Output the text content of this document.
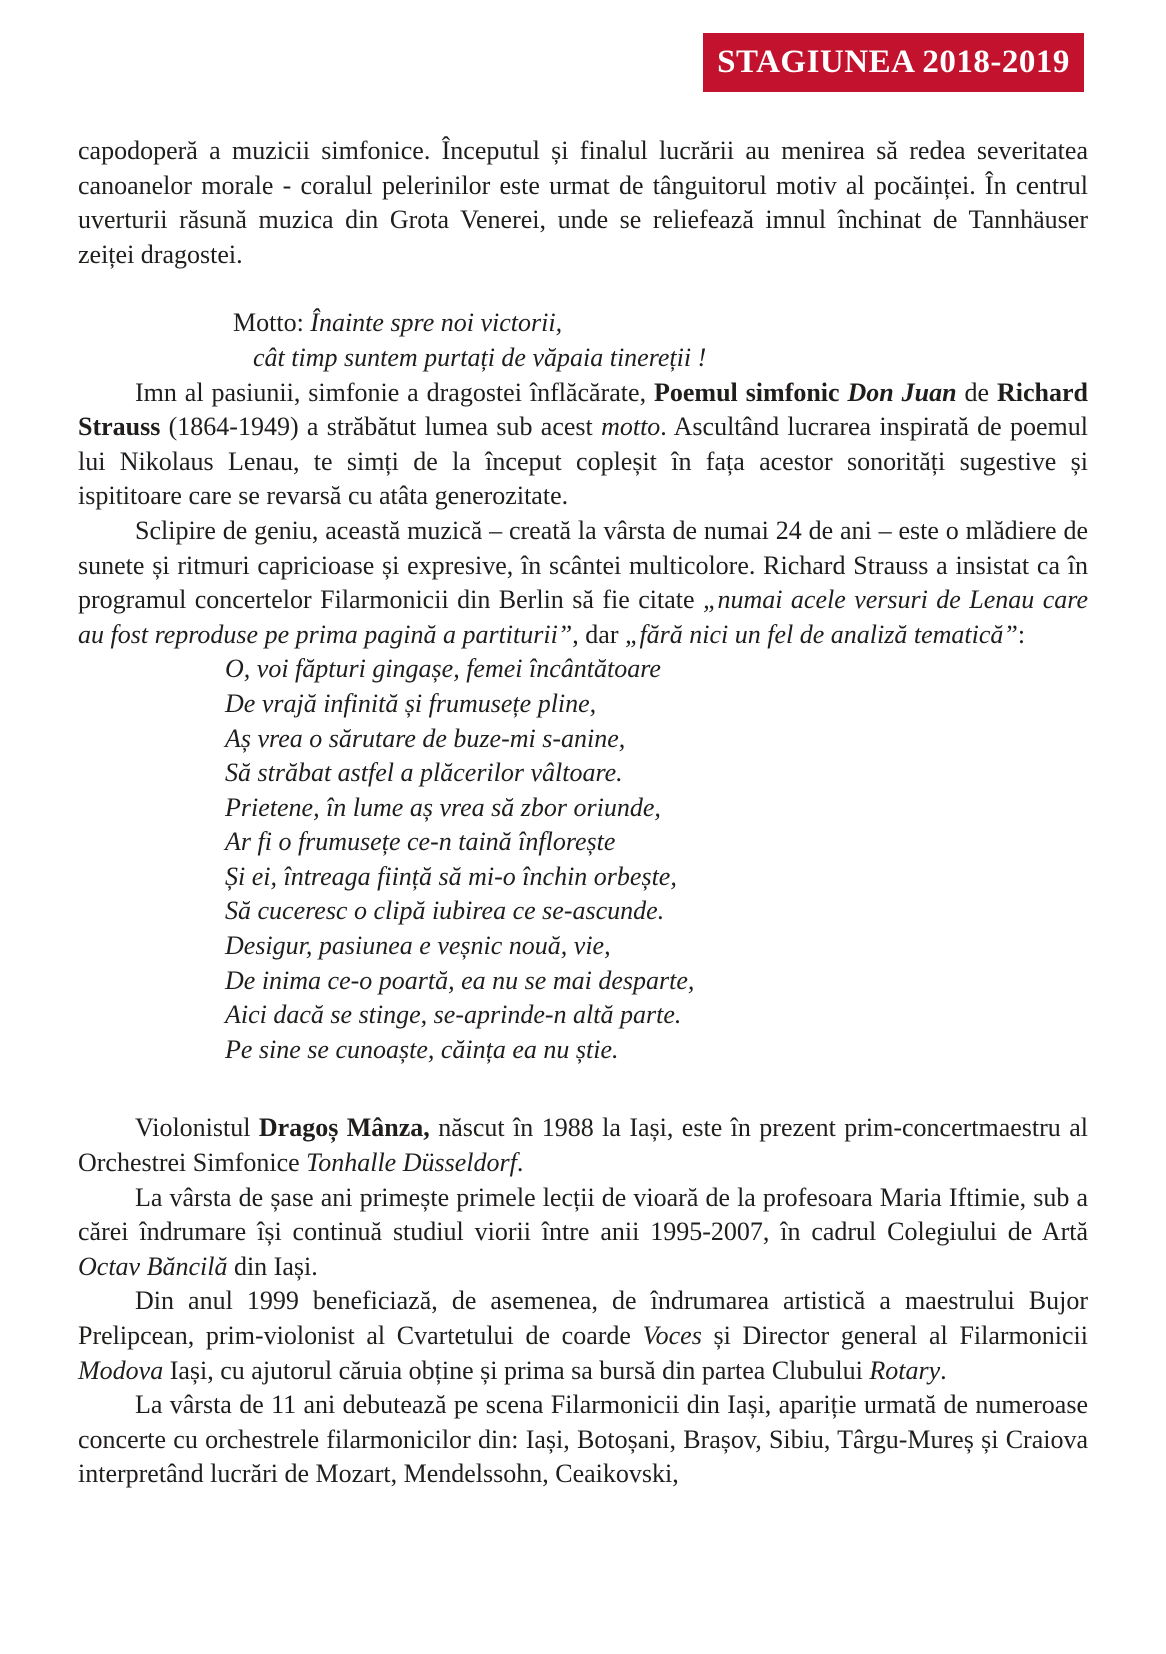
STAGIUNEA 2018-2019
capodoperă a muzicii simfonice. Începutul și finalul lucrării au menirea să redea severitatea canoanelor morale - coralul pelerinilor este urmat de tânguitorul motiv al pocăinței. În centrul uverturii răsună muzica din Grota Venerei, unde se reliefează imnul închinat de Tannhäuser zeiței dragostei.
Motto: Înainte spre noi victorii,
cât timp suntem purtați de văpaia tinereții !
Imn al pasiunii, simfonie a dragostei înflăcărate, Poemul simfonic Don Juan de Richard Strauss (1864-1949) a străbătut lumea sub acest motto. Ascultând lucrarea inspirată de poemul lui Nikolaus Lenau, te simți de la început copleșit în fața acestor sonorități sugestive și ispititoare care se revarsă cu atâta generozitate.
Sclipire de geniu, această muzică – creată la vârsta de numai 24 de ani – este o mlădiere de sunete și ritmuri capricioase și expresive, în scântei multicolore. Richard Strauss a insistat ca în programul concertelor Filarmonicii din Berlin să fie citate „numai acele versuri de Lenau care au fost reproduse pe prima pagină a partiturii”, dar „fără nici un fel de analiză tematică”:
O, voi făpturi gingașe, femei încântătoare
De vrajă infinită și frumusețe pline,
Aș vrea o sărutare de buze-mi s-anine,
Să străbat astfel a plăcerilor vâltoare.
Prietene, în lume aș vrea să zbor oriunde,
Ar fi o frumusețe ce-n taină înflorește
Și ei, întreaga ființă să mi-o închin orbește,
Să cuceresc o clipă iubirea ce se-ascunde.
Desigur, pasiunea e veșnic nouă, vie,
De inima ce-o poartă, ea nu se mai desparte,
Aici dacă se stinge, se-aprinde-n altă parte.
Pe sine se cunoaște, căința ea nu știe.
Violonistul Dragoș Mânza, născut în 1988 la Iași, este în prezent prim-concertmaestru al Orchestrei Simfonice Tonhalle Düsseldorf.
La vârsta de șase ani primește primele lecții de vioară de la profesoara Maria Iftimie, sub a cărei îndrumare își continuă studiul viorii între anii 1995-2007, în cadrul Colegiului de Artă Octav Băncilă din Iași.
Din anul 1999 beneficiază, de asemenea, de îndrumarea artistică a maestrului Bujor Prelipcean, prim-violonist al Cvartetului de coarde Voces și Director general al Filarmonicii Modova Iași, cu ajutorul căruia obține și prima sa bursă din partea Clubului Rotary.
La vârsta de 11 ani debutează pe scena Filarmonicii din Iași, apariție urmată de numeroase concerte cu orchestrele filarmonicilor din: Iași, Botoșani, Brașov, Sibiu, Târgu-Mureș și Craiova interpretând lucrări de Mozart, Mendelssohn, Ceaikovski,
